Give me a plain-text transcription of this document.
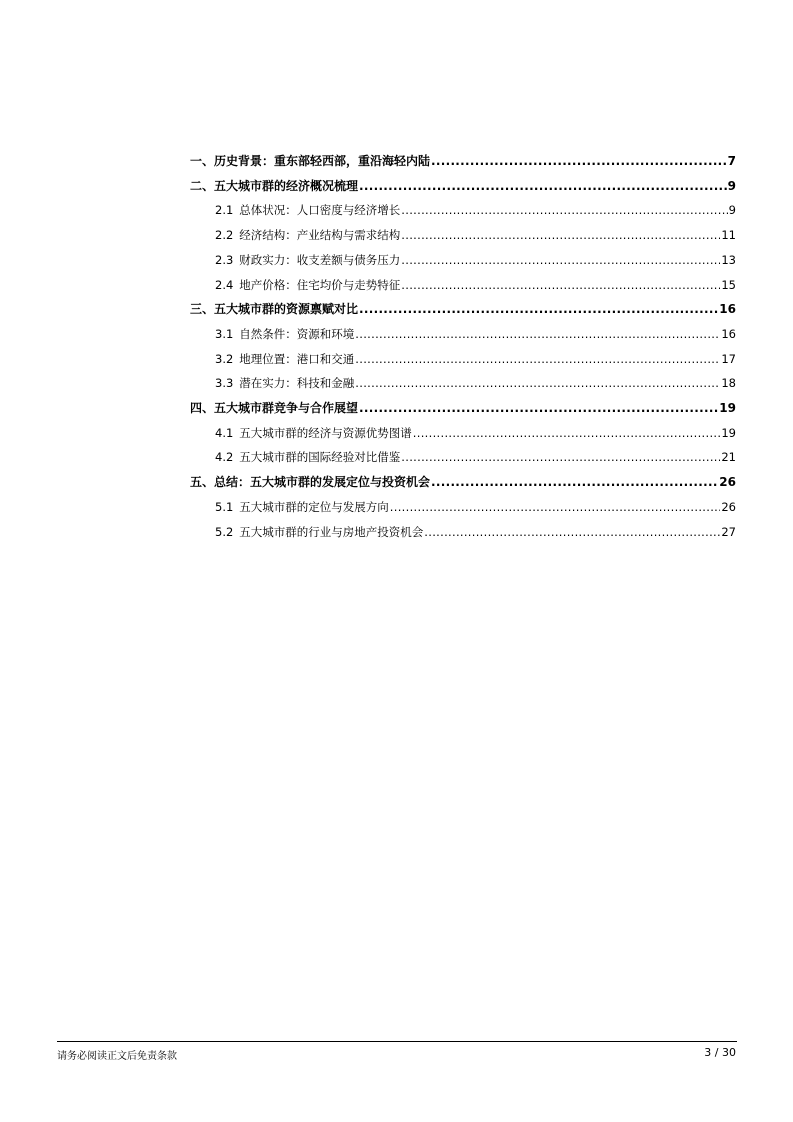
一、历史背景：重东部轻西部，重沿海轻内陆 .....	7
二、五大城市群的经济概况梳理 .....	9
2.1 总体状况：人口密度与经济增长 .....	9
2.2 经济结构：产业结构与需求结构 .....	11
2.3 财政实力：收支差额与债务压力 .....	13
2.4 地产价格：住宅均价与走势特征 .....	15
三、五大城市群的资源禀赋对比 .....	16
3.1 自然条件：资源和环境 .....	16
3.2 地理位置：港口和交通 .....	17
3.3 潜在实力：科技和金融 .....	18
四、五大城市群竞争与合作展望 .....	19
4.1 五大城市群的经济与资源优势图谱 .....	19
4.2 五大城市群的国际经验对比借鉴 .....	21
五、总结：五大城市群的发展定位与投资机会 .....	26
5.1 五大城市群的定位与发展方向 .....	26
5.2 五大城市群的行业与房地产投资机会 .....	27
请务必阅读正文后免责条款	3 / 30
